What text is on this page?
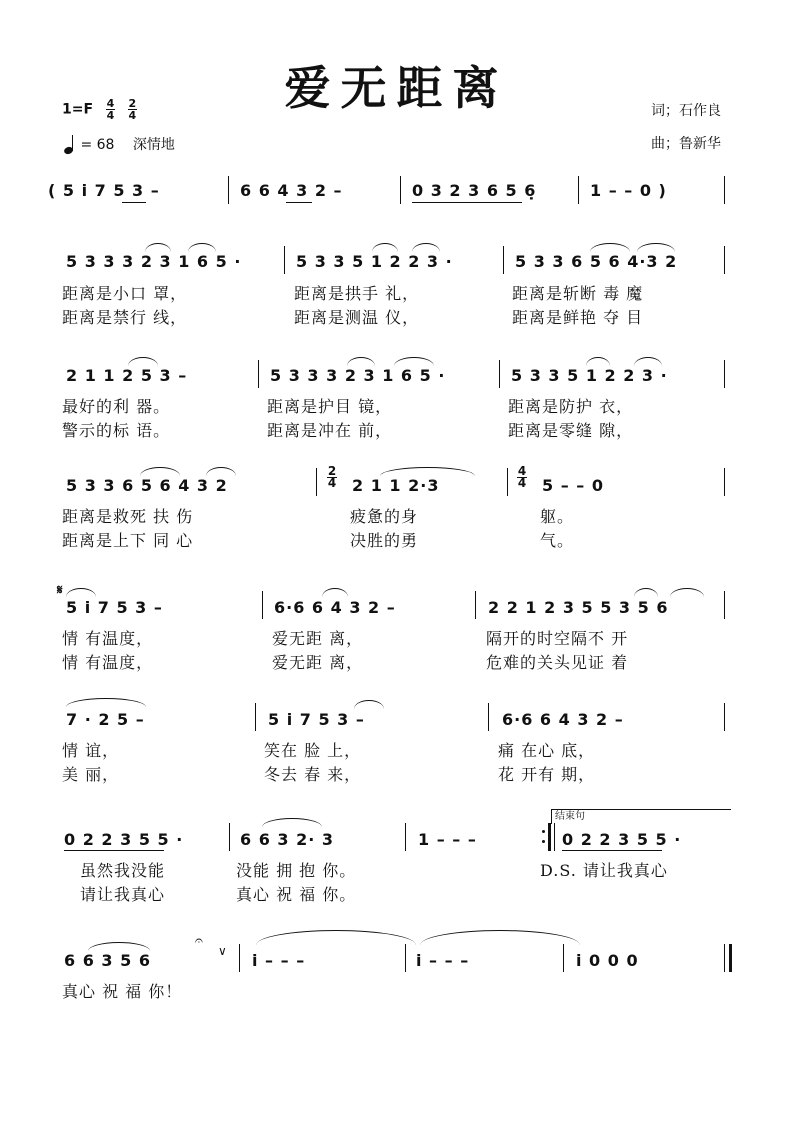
爱无距离
$1=F \frac{4}{4} \frac{2}{4}$
= 68 深情地
词；石作良
曲；鲁新华
( 5 i 7 5 3 –	6 6 4 3 2 –	0 3 2 3 6 5 6̣	1 – – 0 )
5 3 3 3 2 3 1 6 5 ·	5 3 3 5 1 2 2 3 ·	5 3 3 6 5 6 4·3 2
距离是小口 罩，	距离是拱手 礼，	距离是斩断 毒 魔
距离是禁行 线，	距离是测温 仪，	距离是鲜艳 夺 目
2 1 1 2 5 3 –	5 3 3 3 2 3 1 6 5 ·	5 3 3 5 1 2 2 3 ·
最好的利 器。	距离是护目 镜，	距离是防护 衣，
警示的标 语。	距离是冲在 前，	距离是零缝 隙，
5 3 3 6 5 6 4 3 2
2
4 2 1 1 2·3
4
4 5 – – 0
距离是救死 扶 伤	疲惫的身	躯。
距离是上下 同 心	决胜的勇	气。
𝄋
5 i 7 5 3 –	6·6 6 4 3 2 –	2 2 1 2 3 5 5 3 5 6
情 有温度，	爱无距 离，	隔开的时空隔不 开
情 有温度，	爱无距 离，	危难的关头见证 着
7 · 2 5 –	5 i 7 5 3 –	6·6 6 4 3 2 –
情 谊，	笑在 脸 上，	痛 在心 底，
美 丽，	冬去 春 来，	花 开有 期，
0 2 2 3 5 5 ·	6 6 3 2· 3	1 – – –
结束句
0 2 2 3 5 5 ·
虽然我没能	没能 拥 抱 你。	D.S. 请让我真心
请让我真心	真心 祝 福 你。
6 6 3 5 6
𝄐
∨ i – – –	i – – –	i 0 0 0
真心 祝 福 你！
